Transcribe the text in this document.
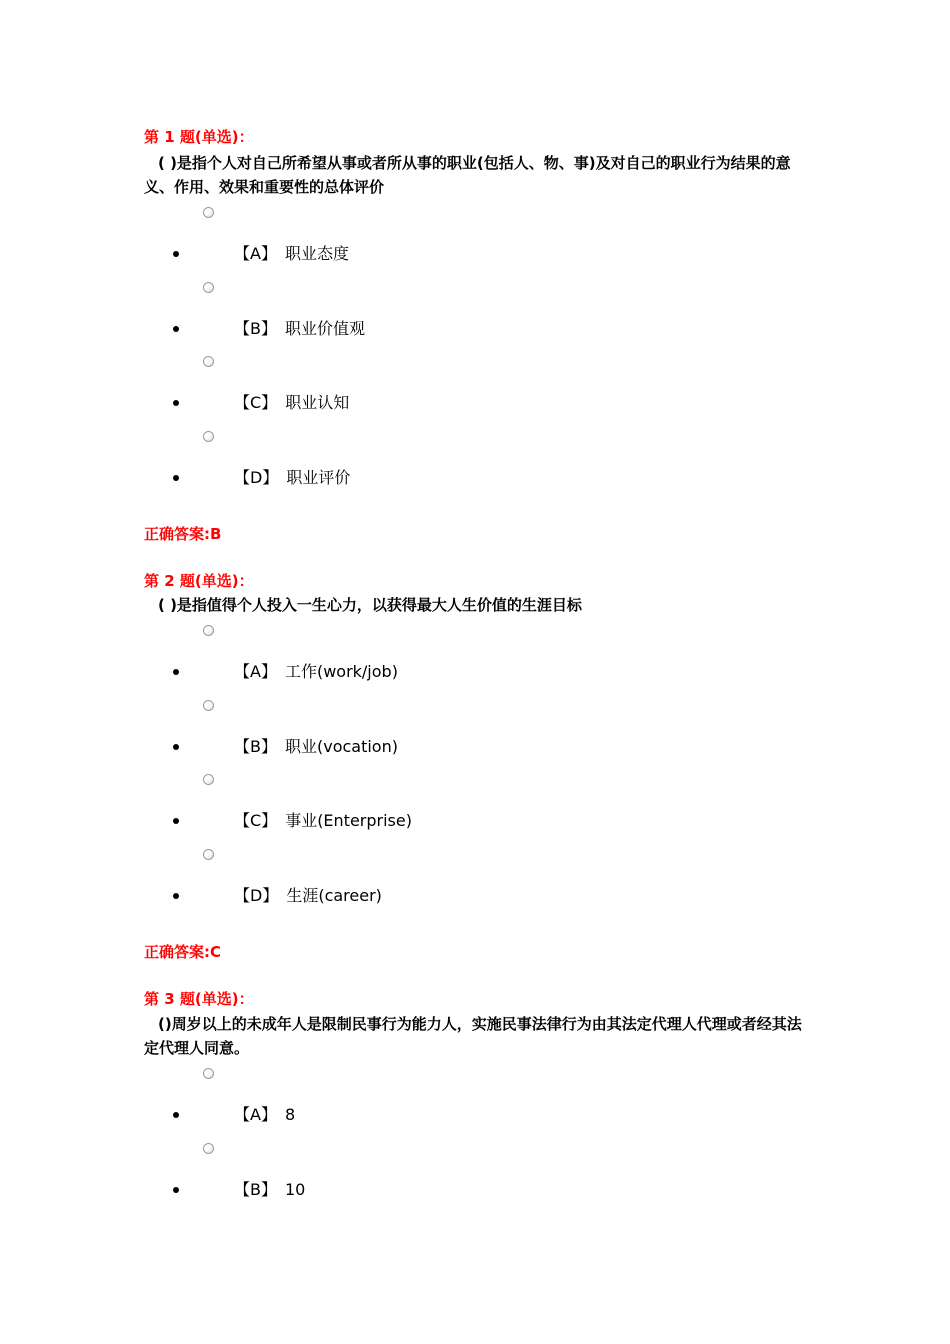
第 1 题(单选)：
( )是指个人对自己所希望从事或者所从事的职业(包括人、物、事)及对自己的职业行为结果的意义、作用、效果和重要性的总体评价
【A】 职业态度
【B】 职业价值观
【C】 职业认知
【D】 职业评价
正确答案:B
第 2 题(单选)：
( )是指值得个人投入一生心力，以获得最大人生价值的生涯目标
【A】 工作(work/job)
【B】 职业(vocation)
【C】 事业(Enterprise)
【D】 生涯(career)
正确答案:C
第 3 题(单选)：
()周岁以上的未成年人是限制民事行为能力人，实施民事法律行为由其法定代理人代理或者经其法定代理人同意。
【A】 8
【B】 10
